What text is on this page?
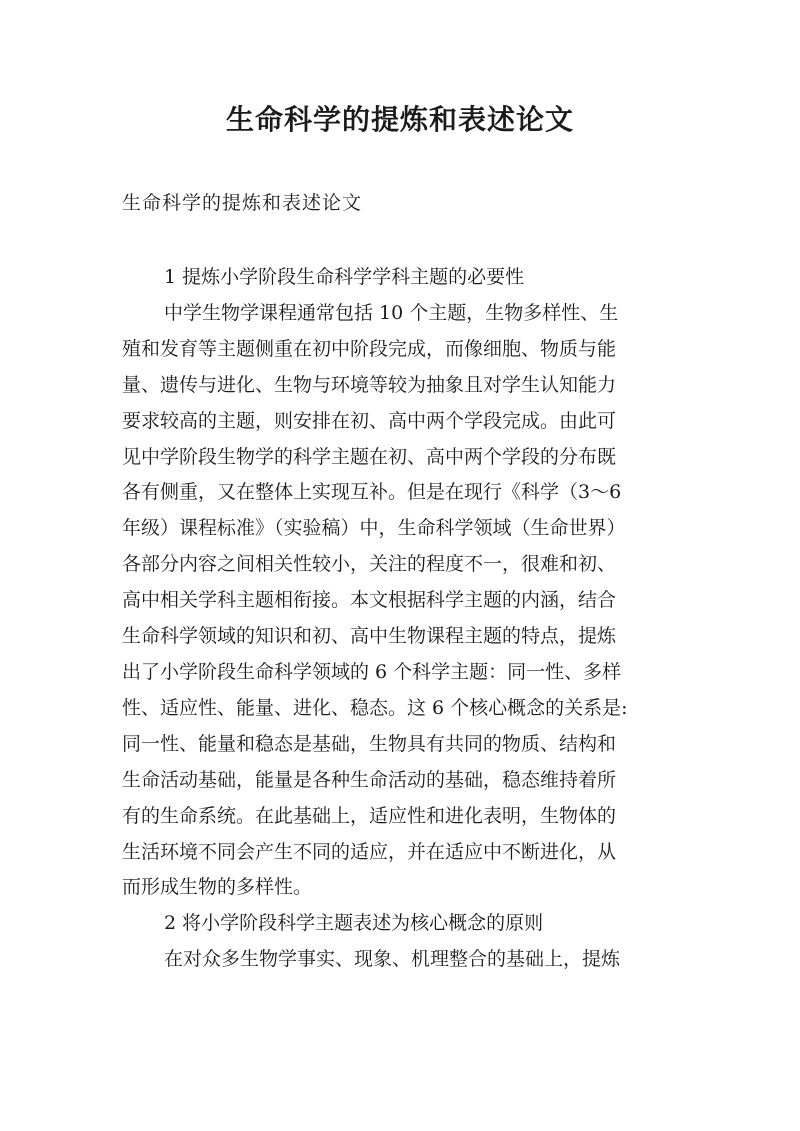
生命科学的提炼和表述论文
生命科学的提炼和表述论文
1 提炼小学阶段生命科学学科主题的必要性
中学生物学课程通常包括 10 个主题，生物多样性、生
殖和发育等主题侧重在初中阶段完成，而像细胞、物质与能
量、遗传与进化、生物与环境等较为抽象且对学生认知能力
要求较高的主题，则安排在初、高中两个学段完成。由此可
见中学阶段生物学的科学主题在初、高中两个学段的分布既
各有侧重，又在整体上实现互补。但是在现行《科学（3～6
年级）课程标准》（实验稿）中，生命科学领域（生命世界）
各部分内容之间相关性较小，关注的程度不一，很难和初、
高中相关学科主题相衔接。本文根据科学主题的内涵，结合
生命科学领域的知识和初、高中生物课程主题的特点，提炼
出了小学阶段生命科学领域的 6 个科学主题：同一性、多样
性、适应性、能量、进化、稳态。这 6 个核心概念的关系是:
同一性、能量和稳态是基础，生物具有共同的物质、结构和
生命活动基础，能量是各种生命活动的基础，稳态维持着所
有的生命系统。在此基础上，适应性和进化表明，生物体的
生活环境不同会产生不同的适应，并在适应中不断进化，从
而形成生物的多样性。
2 将小学阶段科学主题表述为核心概念的原则
在对众多生物学事实、现象、机理整合的基础上，提炼
